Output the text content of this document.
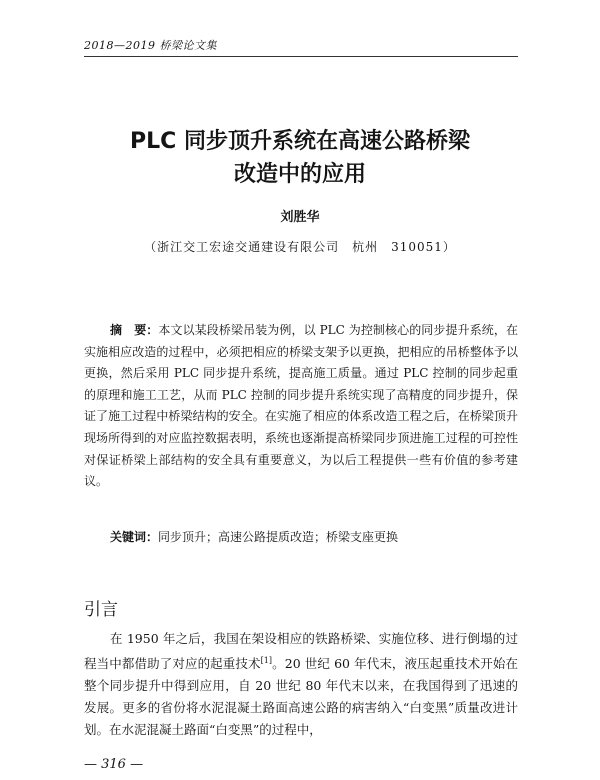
2018—2019 桥梁论文集
PLC 同步顶升系统在高速公路桥梁
改造中的应用
刘胜华
（浙江交工宏途交通建设有限公司　杭州　310051）
摘　要：本文以某段桥梁吊装为例，以 PLC 为控制核心的同步提升系统，在实施相应改造的过程中，必须把相应的桥梁支架予以更换，把相应的吊桥整体予以更换，然后采用 PLC 同步提升系统，提高施工质量。通过 PLC 控制的同步起重的原理和施工工艺，从而 PLC 控制的同步提升系统实现了高精度的同步提升，保证了施工过程中桥梁结构的安全。在实施了相应的体系改造工程之后，在桥梁顶升现场所得到的对应监控数据表明，系统也逐渐提高桥梁同步顶进施工过程的可控性对保证桥梁上部结构的安全具有重要意义，为以后工程提供一些有价值的参考建议。
关键词：同步顶升；高速公路提质改造；桥梁支座更换
引言
在 1950 年之后，我国在架设相应的铁路桥梁、实施位移、进行倒塌的过程当中都借助了对应的起重技术[1]。20 世纪 60 年代末，液压起重技术开始在整个同步提升中得到应用，自 20 世纪 80 年代末以来，在我国得到了迅速的发展。更多的省份将水泥混凝土路面高速公路的病害纳入“白变黑”质量改进计划。在水泥混凝土路面“白变黑”的过程中，
— 316 —
